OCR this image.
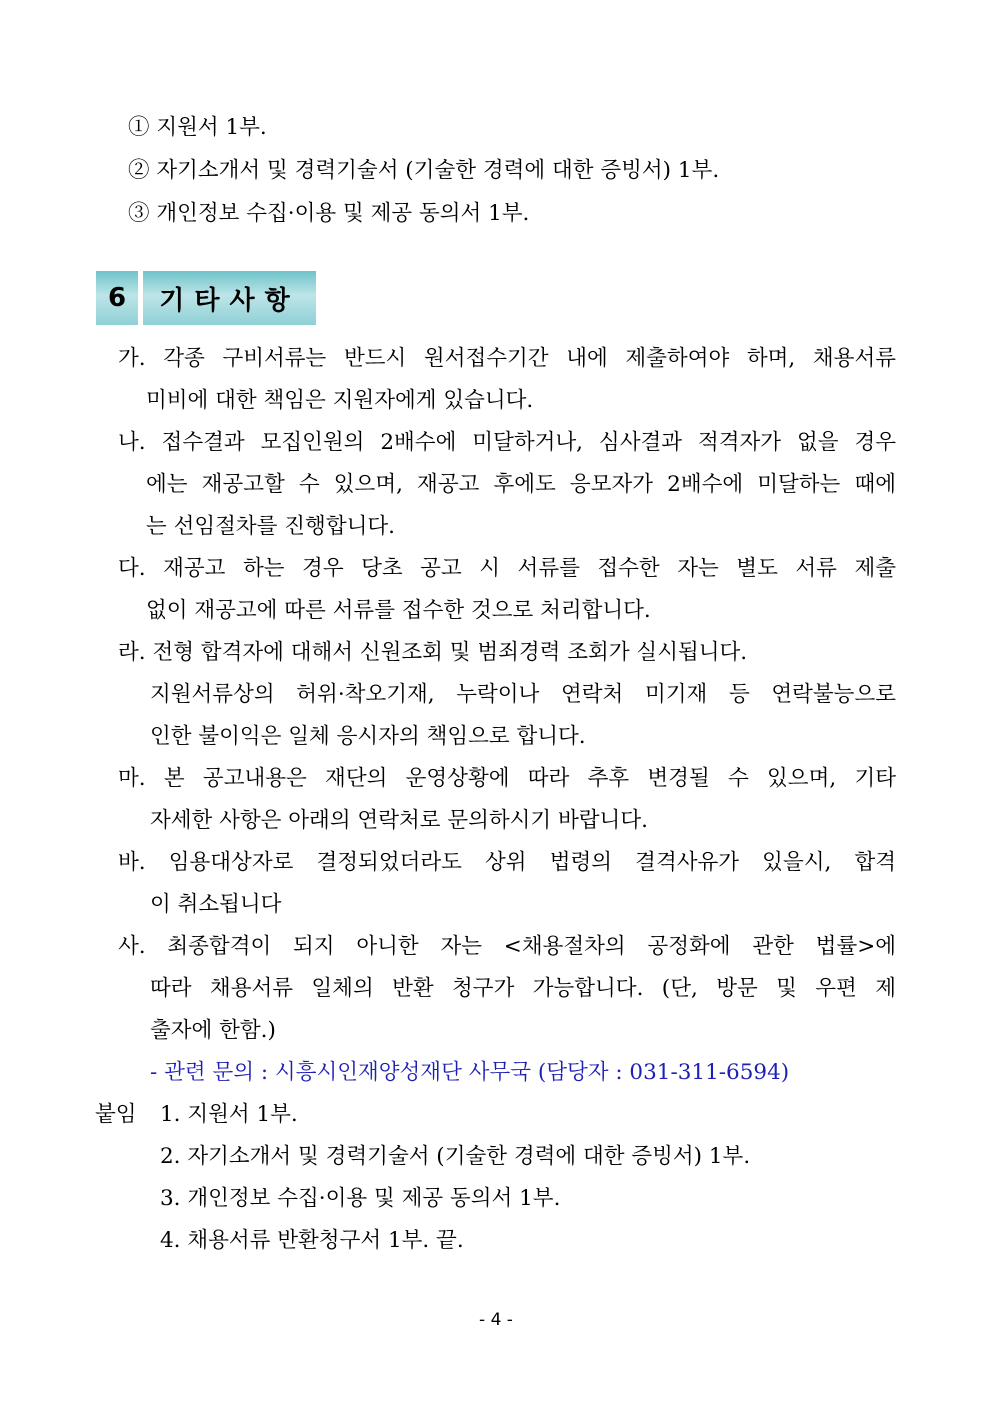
① 지원서 1부.
② 자기소개서 및 경력기술서 (기술한 경력에 대한 증빙서) 1부.
③ 개인정보 수집·이용 및 제공 동의서 1부.
6	기타사항
가. 각종 구비서류는 반드시 원서접수기간 내에 제출하여야 하며, 채용서류
미비에 대한 책임은 지원자에게 있습니다.
나. 접수결과 모집인원의 2배수에 미달하거나, 심사결과 적격자가 없을 경우
에는 재공고할 수 있으며, 재공고 후에도 응모자가 2배수에 미달하는 때에
는 선임절차를 진행합니다.
다. 재공고 하는 경우 당초 공고 시 서류를 접수한 자는 별도 서류 제출
없이 재공고에 따른 서류를 접수한 것으로 처리합니다.
라. 전형 합격자에 대해서 신원조회 및 범죄경력 조회가 실시됩니다.
지원서류상의 허위·착오기재, 누락이나 연락처 미기재 등 연락불능으로
인한 불이익은 일체 응시자의 책임으로 합니다.
마. 본 공고내용은 재단의 운영상황에 따라 추후 변경될 수 있으며, 기타
자세한 사항은 아래의 연락처로 문의하시기 바랍니다.
바. 임용대상자로 결정되었더라도 상위 법령의 결격사유가 있을시, 합격
이 취소됩니다
사. 최종합격이 되지 아니한 자는 <채용절차의 공정화에 관한 법률>에
따라 채용서류 일체의 반환 청구가 가능합니다. (단, 방문 및 우편 제
출자에 한함.)
- 관련 문의 : 시흥시인재양성재단 사무국 (담당자 : 031-311-6594)
붙임 1. 지원서 1부.
2. 자기소개서 및 경력기술서 (기술한 경력에 대한 증빙서) 1부.
3. 개인정보 수집·이용 및 제공 동의서 1부.
4. 채용서류 반환청구서 1부. 끝.
- 4 -
